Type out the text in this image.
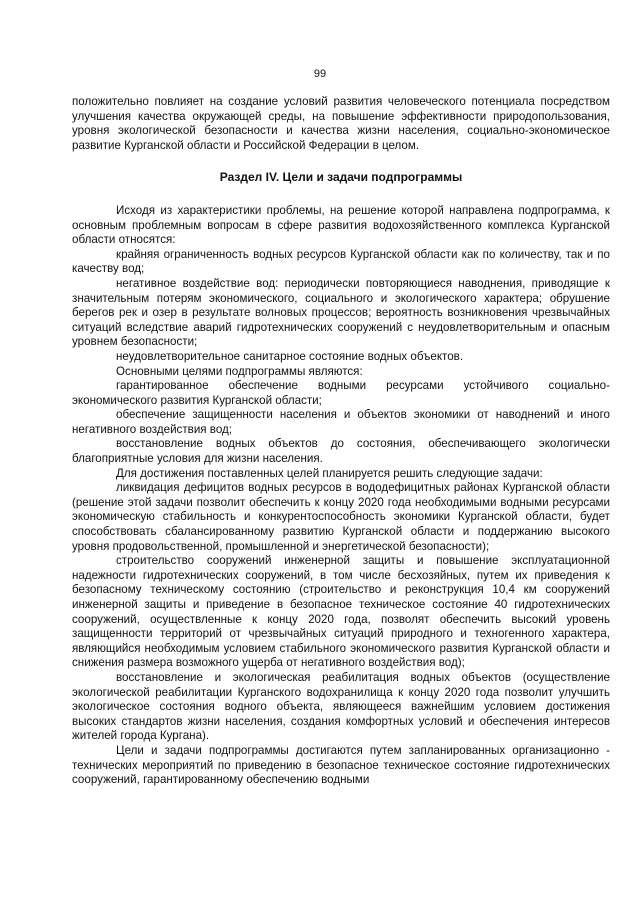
99

положительно повлияет на создание условий развития человеческого потенциала посредством улучшения качества окружающей среды, на повышение эффективности природопользования, уровня экологической безопасности и качества жизни населения, социально-экономическое развитие Курганской области и Российской Федерации в целом.

Раздел IV. Цели и задачи подпрограммы

Исходя из характеристики проблемы, на решение которой направлена подпрограмма, к основным проблемным вопросам в сфере развития водохозяйственного комплекса Курганской области относятся:

крайняя ограниченность водных ресурсов Курганской области как по количеству, так и по качеству вод;

негативное воздействие вод: периодически повторяющиеся наводнения, приводящие к значительным потерям экономического, социального и экологического характера; обрушение берегов рек и озер в результате волновых процессов; вероятность возникновения чрезвычайных ситуаций вследствие аварий гидротехнических сооружений с неудовлетворительным и опасным уровнем безопасности;

неудовлетворительное санитарное состояние водных объектов.

Основными целями подпрограммы являются:

гарантированное обеспечение водными ресурсами устойчивого социально-экономического развития Курганской области;

обеспечение защищенности населения и объектов экономики от наводнений и иного негативного воздействия вод;

восстановление водных объектов до состояния, обеспечивающего экологически благоприятные условия для жизни населения.

Для достижения поставленных целей планируется решить следующие задачи:

ликвидация дефицитов водных ресурсов в вододефицитных районах Курганской области (решение этой задачи позволит обеспечить к концу 2020 года необходимыми водными ресурсами экономическую стабильность и конкурентоспособность экономики Курганской области, будет способствовать сбалансированному развитию Курганской области и поддержанию высокого уровня продовольственной, промышленной и энергетической безопасности);

строительство сооружений инженерной защиты и повышение эксплуатационной надежности гидротехнических сооружений, в том числе бесхозяйных, путем их приведения к безопасному техническому состоянию (строительство и реконструкция 10,4 км сооружений инженерной защиты и приведение в безопасное техническое состояние 40 гидротехнических сооружений, осуществленные к концу 2020 года, позволят обеспечить высокий уровень защищенности территорий от чрезвычайных ситуаций природного и техногенного характера, являющийся необходимым условием стабильного экономического развития Курганской области и снижения размера возможного ущерба от негативного воздействия вод);

восстановление и экологическая реабилитация водных объектов (осуществление экологической реабилитации Курганского водохранилища к концу 2020 года позволит улучшить экологическое состояния водного объекта, являющееся важнейшим условием достижения высоких стандартов жизни населения, создания комфортных условий и обеспечения интересов жителей города Кургана).

Цели и задачи подпрограммы достигаются путем запланированных организационно - технических мероприятий по приведению в безопасное техническое состояние гидротехнических сооружений, гарантированному обеспечению водными
